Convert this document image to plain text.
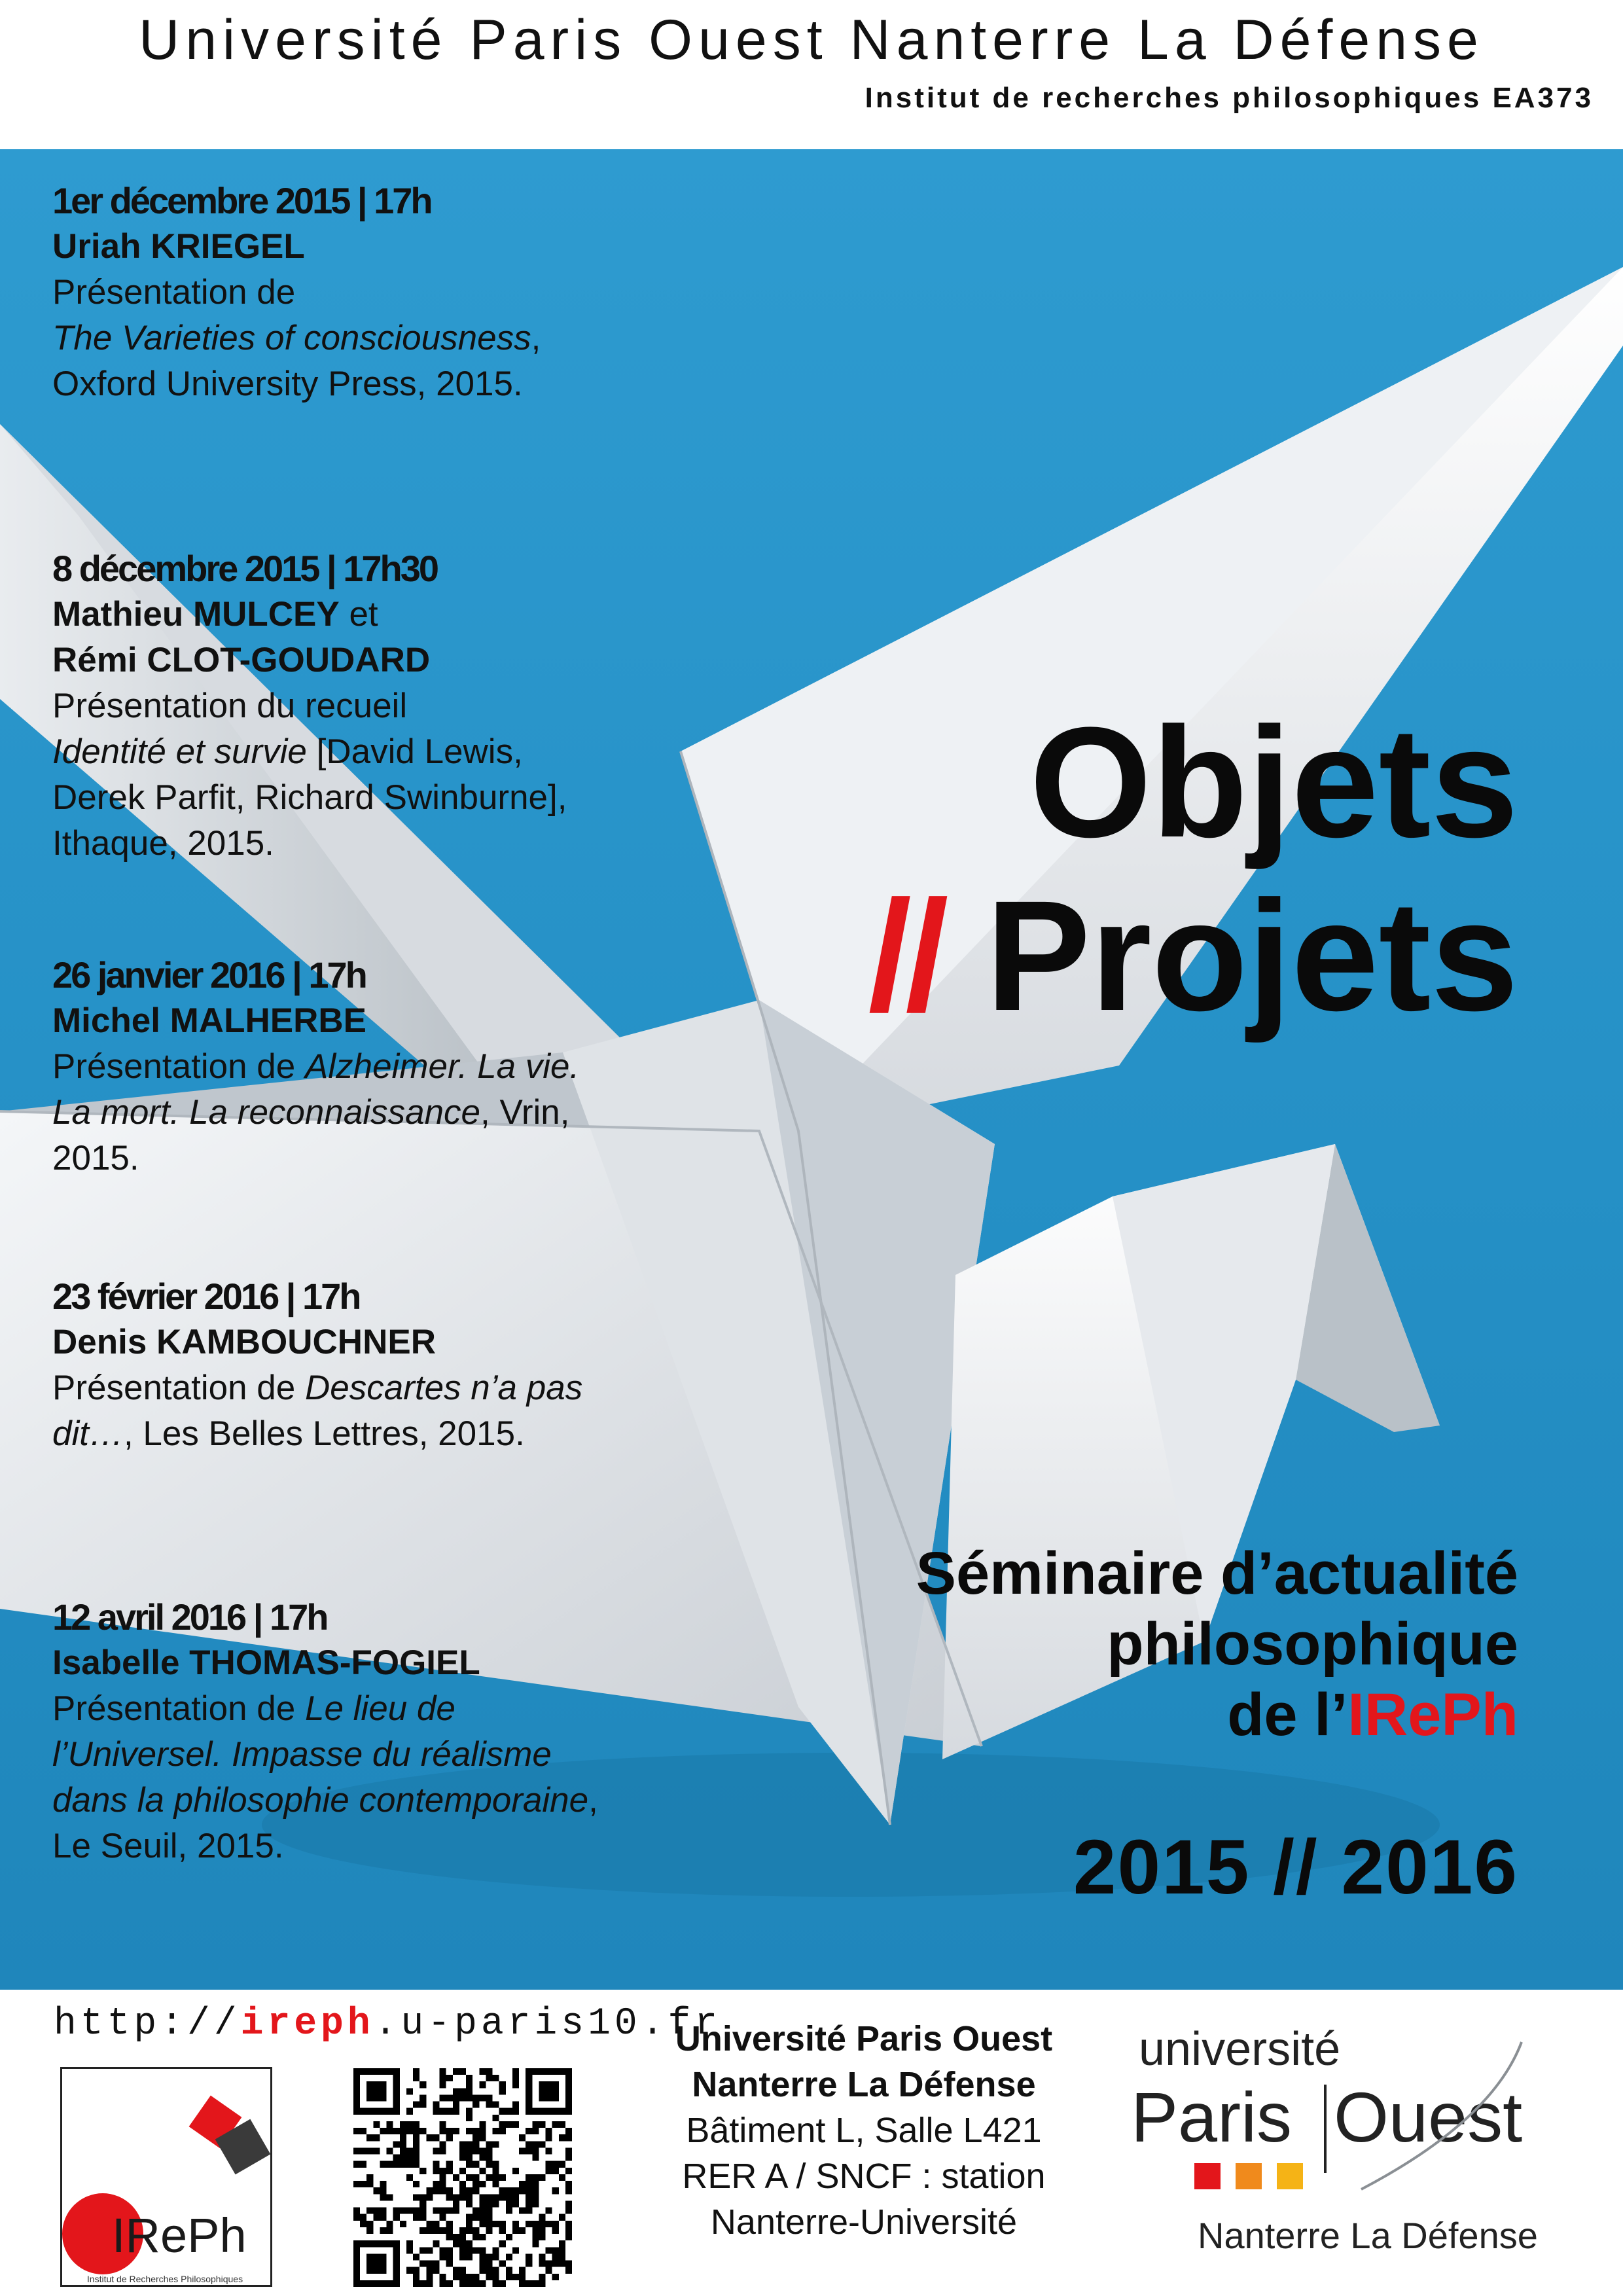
Université Paris Ouest Nanterre La Défense
Institut de recherches philosophiques EA373
1er décembre 2015 | 17h
Uriah KRIEGEL
Présentation de
The Varieties of consciousness, Oxford University Press, 2015.
8 décembre 2015 | 17h30
Mathieu MULCEY et
Rémi CLOT-GOUDARD
Présentation du recueil
Identité et survie [David Lewis, Derek Parfit, Richard Swinburne], Ithaque, 2015.
26 janvier 2016 | 17h
Michel MALHERBE
Présentation de Alzheimer. La vie. La mort. La reconnaissance, Vrin, 2015.
23 février 2016 | 17h
Denis KAMBOUCHNER
Présentation de Descartes n’a pas dit…, Les Belles Lettres, 2015.
12 avril 2016 | 17h
Isabelle THOMAS-FOGIEL
Présentation de Le lieu de l’Universel. Impasse du réalisme dans la philosophie contemporaine, Le Seuil, 2015.
Objets
// Projets
Séminaire d’actualité
philosophique
de l’IRePh
2015 // 2016
http://ireph.u-paris10.fr
IRePh
Institut de Recherches Philosophiques
Université Paris Ouest
Nanterre La Défense
Bâtiment L, Salle L421
RER A / SNCF : station
Nanterre-Université
université
Paris Ouest
Nanterre La Défense
